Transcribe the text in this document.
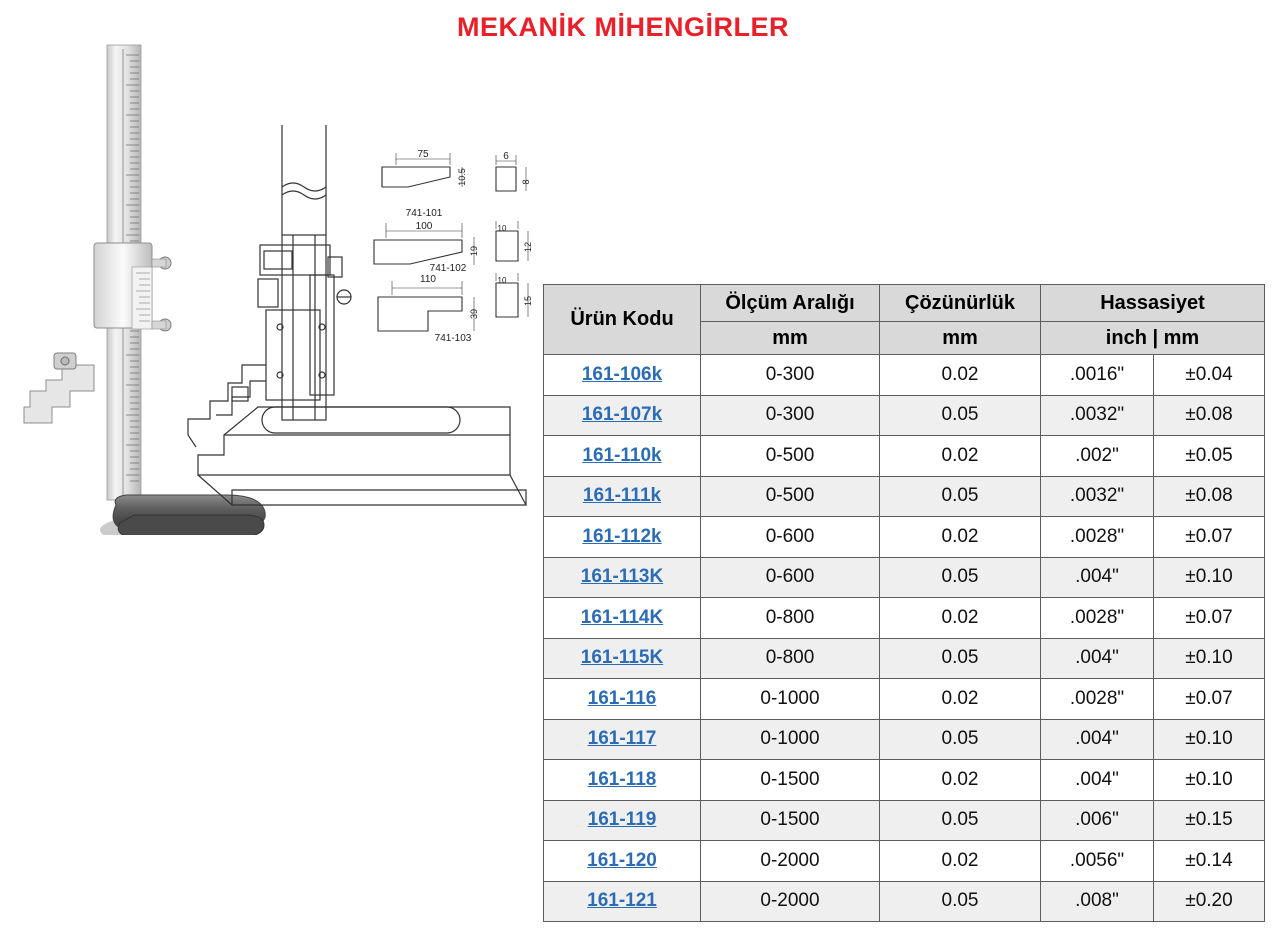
MEKANİK MİHENGİRLER
75
10.5
6
8
741-101
100
19
10
12
741-102
110
39
10
15
741-103
Ürün Kodu	Ölçüm Aralığı	Çözünürlük	Hassasiyet	
	mm	mm	inch | mm	
161-106k	0-300	0.02	.0016"	±0.04
161-107k	0-300	0.05	.0032"	±0.08
161-110k	0-500	0.02	.002"	±0.05
161-111k	0-500	0.05	.0032"	±0.08
161-112k	0-600	0.02	.0028"	±0.07
161-113K	0-600	0.05	.004"	±0.10
161-114K	0-800	0.02	.0028"	±0.07
161-115K	0-800	0.05	.004"	±0.10
161-116	0-1000	0.02	.0028"	±0.07
161-117	0-1000	0.05	.004"	±0.10
161-118	0-1500	0.02	.004"	±0.10
161-119	0-1500	0.05	.006"	±0.15
161-120	0-2000	0.02	.0056"	±0.14
161-121	0-2000	0.05	.008"	±0.20
